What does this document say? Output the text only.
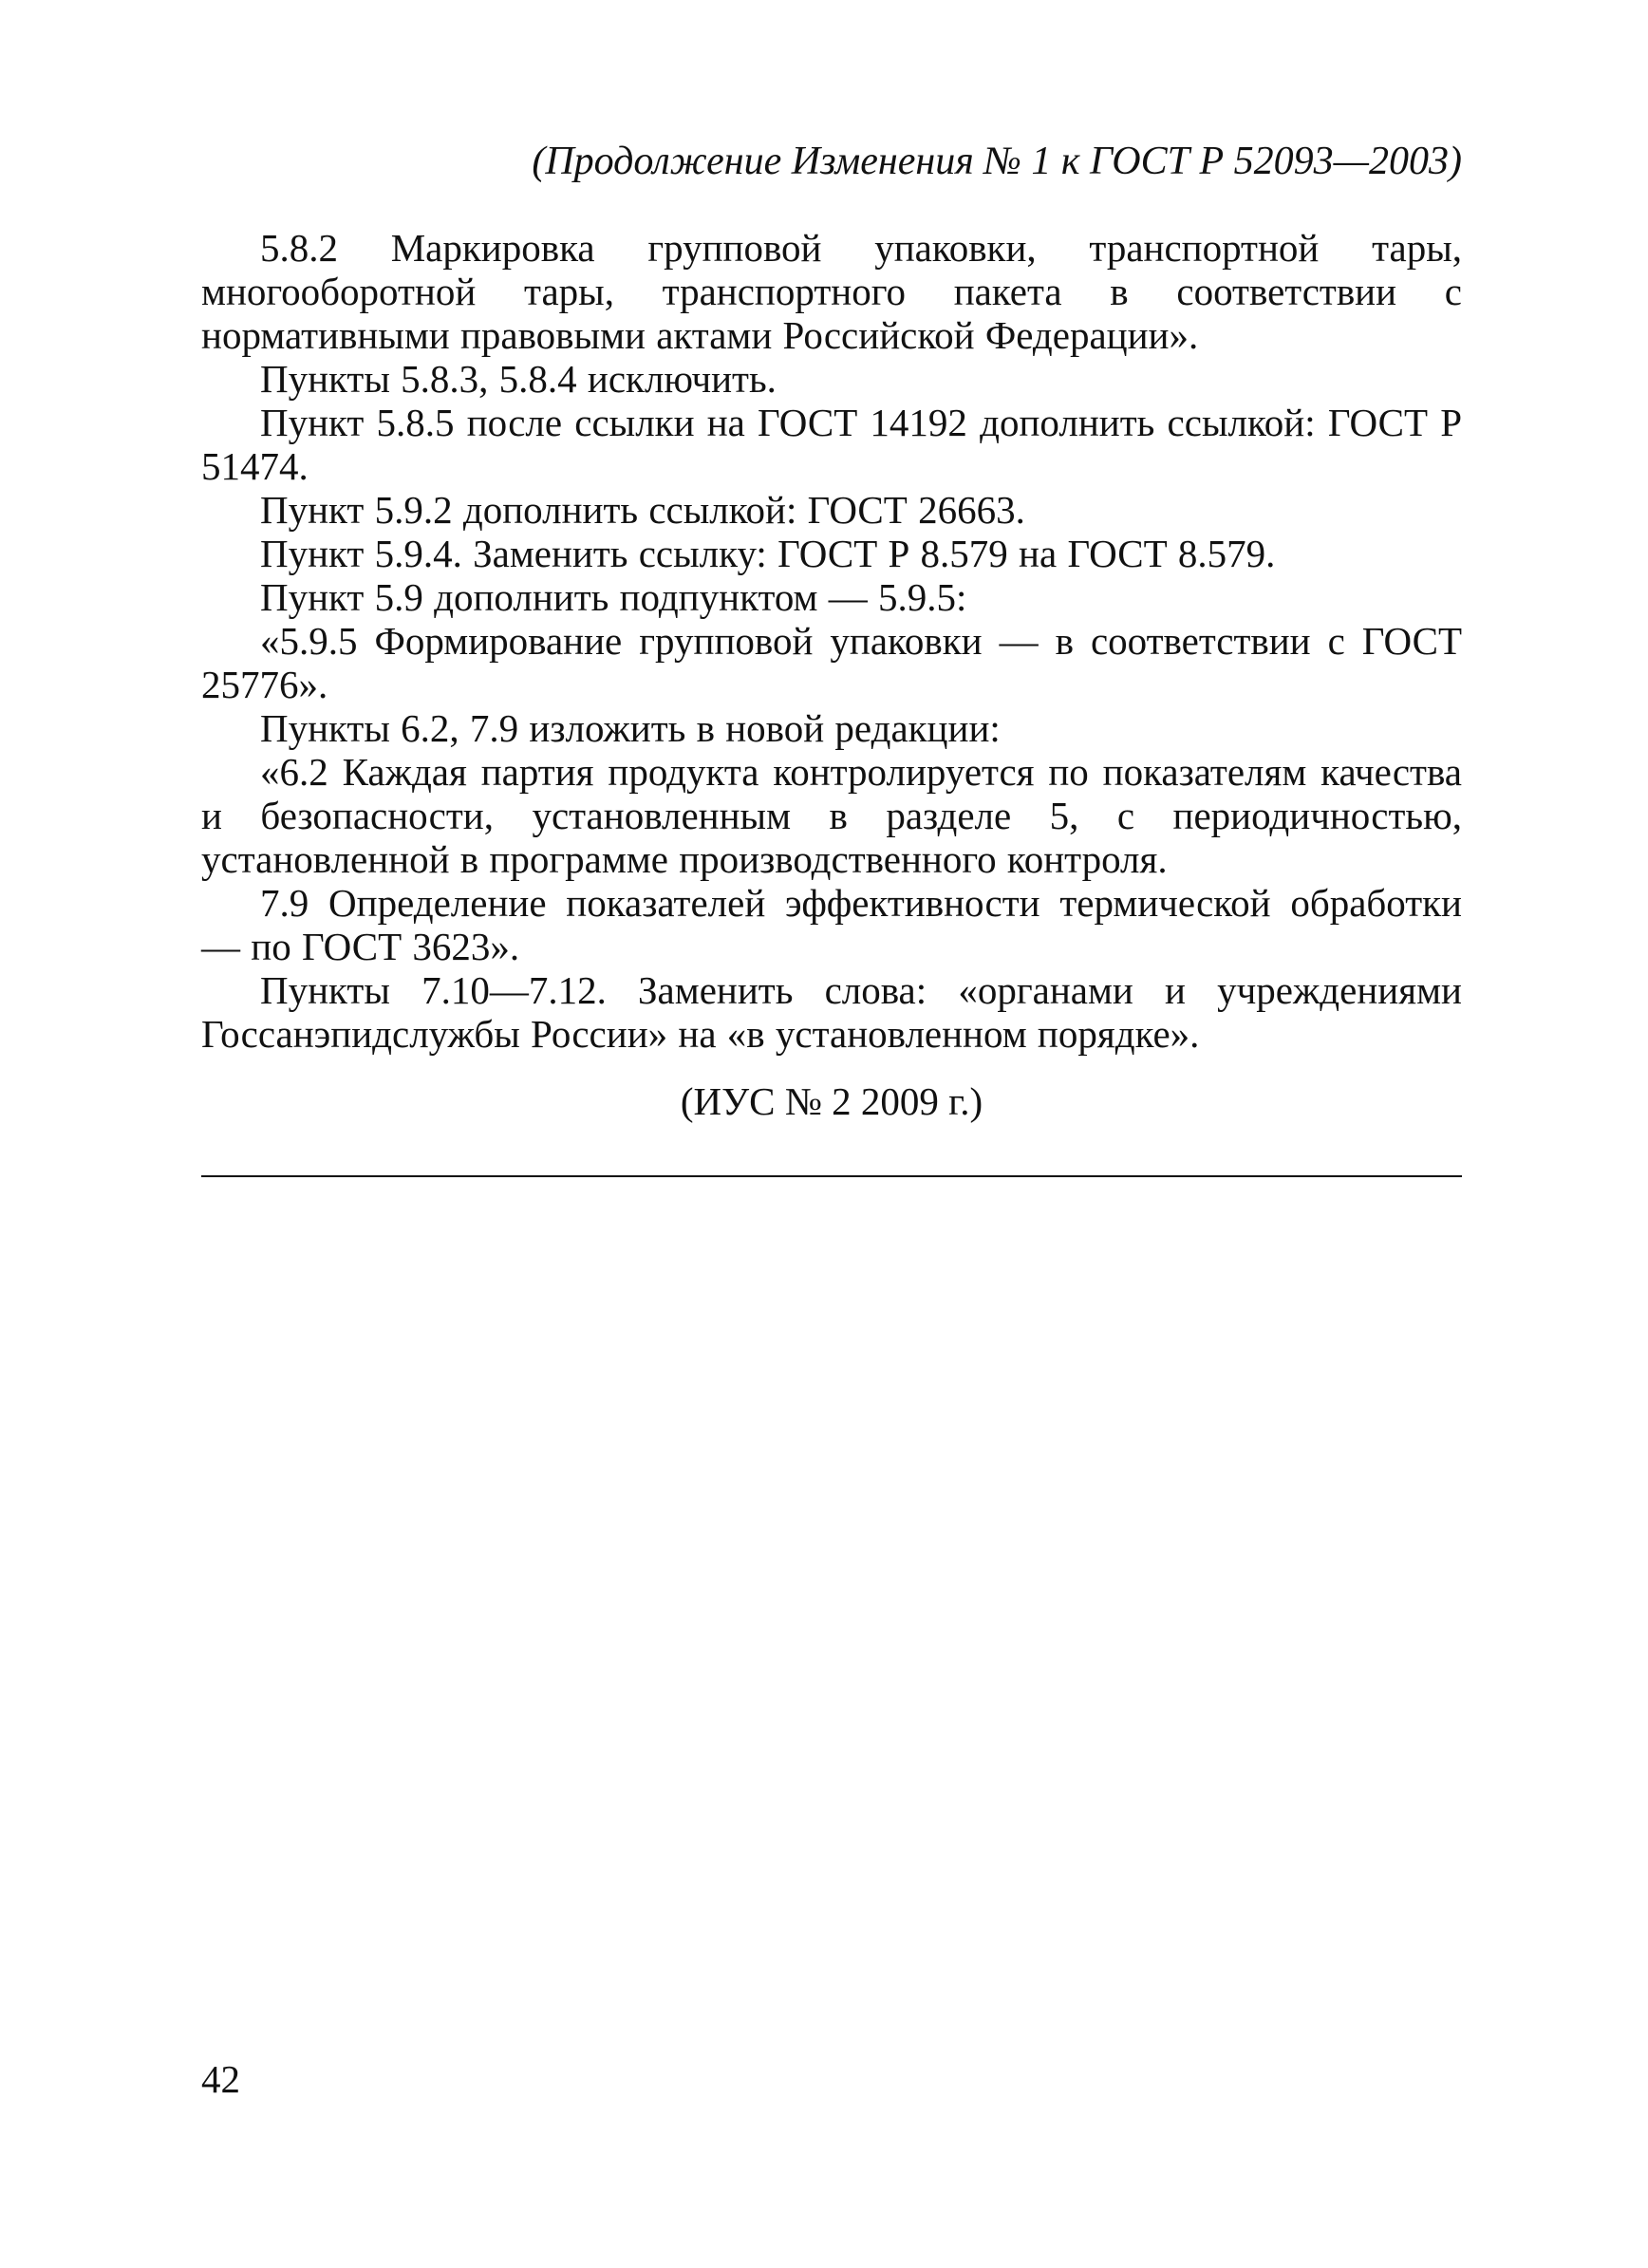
(Продолжение Изменения № 1 к ГОСТ Р 52093—2003)

5.8.2 Маркировка групповой упаковки, транспортной тары, многооборотной тары, транспортного пакета в соответствии с нормативными правовыми актами Российской Федерации».

Пункты 5.8.3, 5.8.4 исключить.

Пункт 5.8.5 после ссылки на ГОСТ 14192 дополнить ссылкой: ГОСТ Р 51474.

Пункт 5.9.2 дополнить ссылкой: ГОСТ 26663.

Пункт 5.9.4. Заменить ссылку: ГОСТ Р 8.579 на ГОСТ 8.579.

Пункт 5.9 дополнить подпунктом — 5.9.5:

«5.9.5 Формирование групповой упаковки — в соответствии с ГОСТ 25776».

Пункты 6.2, 7.9 изложить в новой редакции:

«6.2 Каждая партия продукта контролируется по показателям качества и безопасности, установленным в разделе 5, с периодичностью, установленной в программе производственного контроля.

7.9 Определение показателей эффективности термической обработки — по ГОСТ 3623».

Пункты 7.10—7.12. Заменить слова: «органами и учреждениями Госсанэпидслужбы России» на «в установленном порядке».

(ИУС № 2 2009 г.)
42
